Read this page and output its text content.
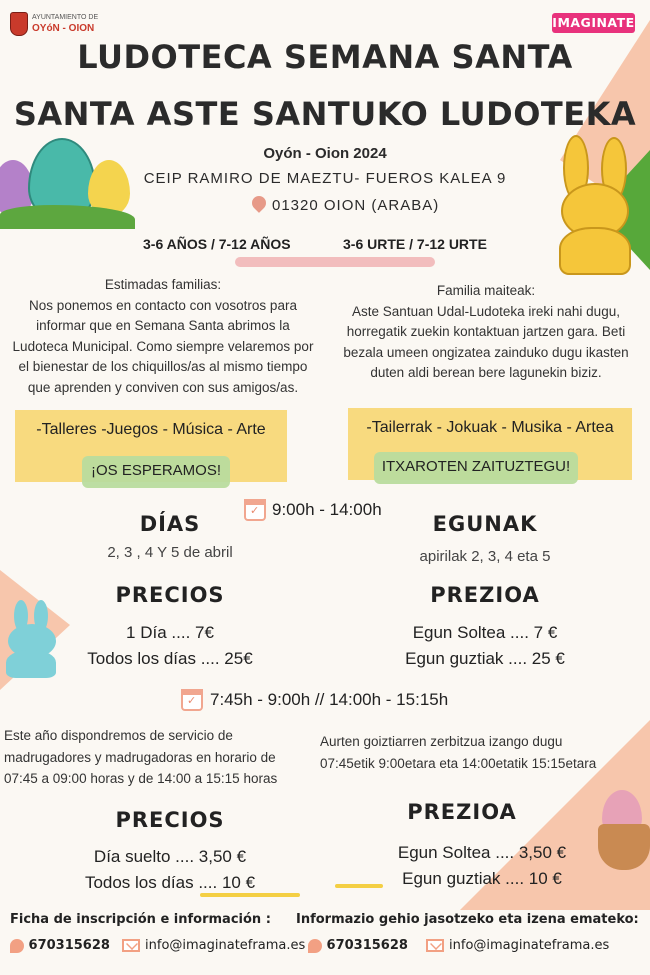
AYUNTAMIENTO DE
OYóN - OION	IMAGINATE
LUDOTECA SEMANA SANTA
SANTA ASTE SANTUKO LUDOTEKA
Oyón - Oion 2024
CEIP RAMIRO DE MAEZTU- FUEROS KALEA 9
01320 OION (ARABA)
3-6 AÑOS / 7-12 AÑOS	3-6 URTE / 7-12 URTE
Estimadas familias:
Nos ponemos en contacto con vosotros para
informar que en Semana Santa abrimos la
Ludoteca Municipal. Como siempre velaremos por
el bienestar de los chiquillos/as al mismo tiempo
que aprenden y conviven con sus amigos/as.
Familia maiteak:
Aste Santuan Udal-Ludoteka ireki nahi dugu,
horregatik zuekin kontaktuan jartzen gara. Beti
bezala umeen ongizatea zainduko dugu ikasten
duten aldi berean bere lagunekin biziz.
-Talleres -Juegos - Música - Arte
¡OS ESPERAMOS!
-Tailerrak - Jokuak - Musika - Artea
ITXAROTEN ZAITUZTEGU!
✓
9:00h - 14:00h
DÍAS	EGUNAK
2, 3 , 4 Y 5 de abril	apirilak 2, 3, 4 eta 5
PRECIOS	PREZIOA
1 Día .... 7€
Todos los días .... 25€
Egun Soltea .... 7 €
Egun guztiak .... 25 €
✓
7:45h - 9:00h // 14:00h - 15:15h
Este año dispondremos de servicio de
madrugadores y madrugadoras en horario de
07:45 a 09:00 horas y de 14:00 a 15:15 horas
Aurten goiztiarren zerbitzua izango dugu
07:45etik 9:00etara eta 14:00etatik 15:15etara
PRECIOS	PREZIOA
Día suelto .... 3,50 €
Todos los días .... 10 €
Egun Soltea .... 3,50 €
Egun guztiak .... 10 €
Ficha de inscripción e información : Informazio gehio jasotzeko eta izena emateko:
670315628	info@imaginateframa.es	670315628	info@imaginateframa.es
